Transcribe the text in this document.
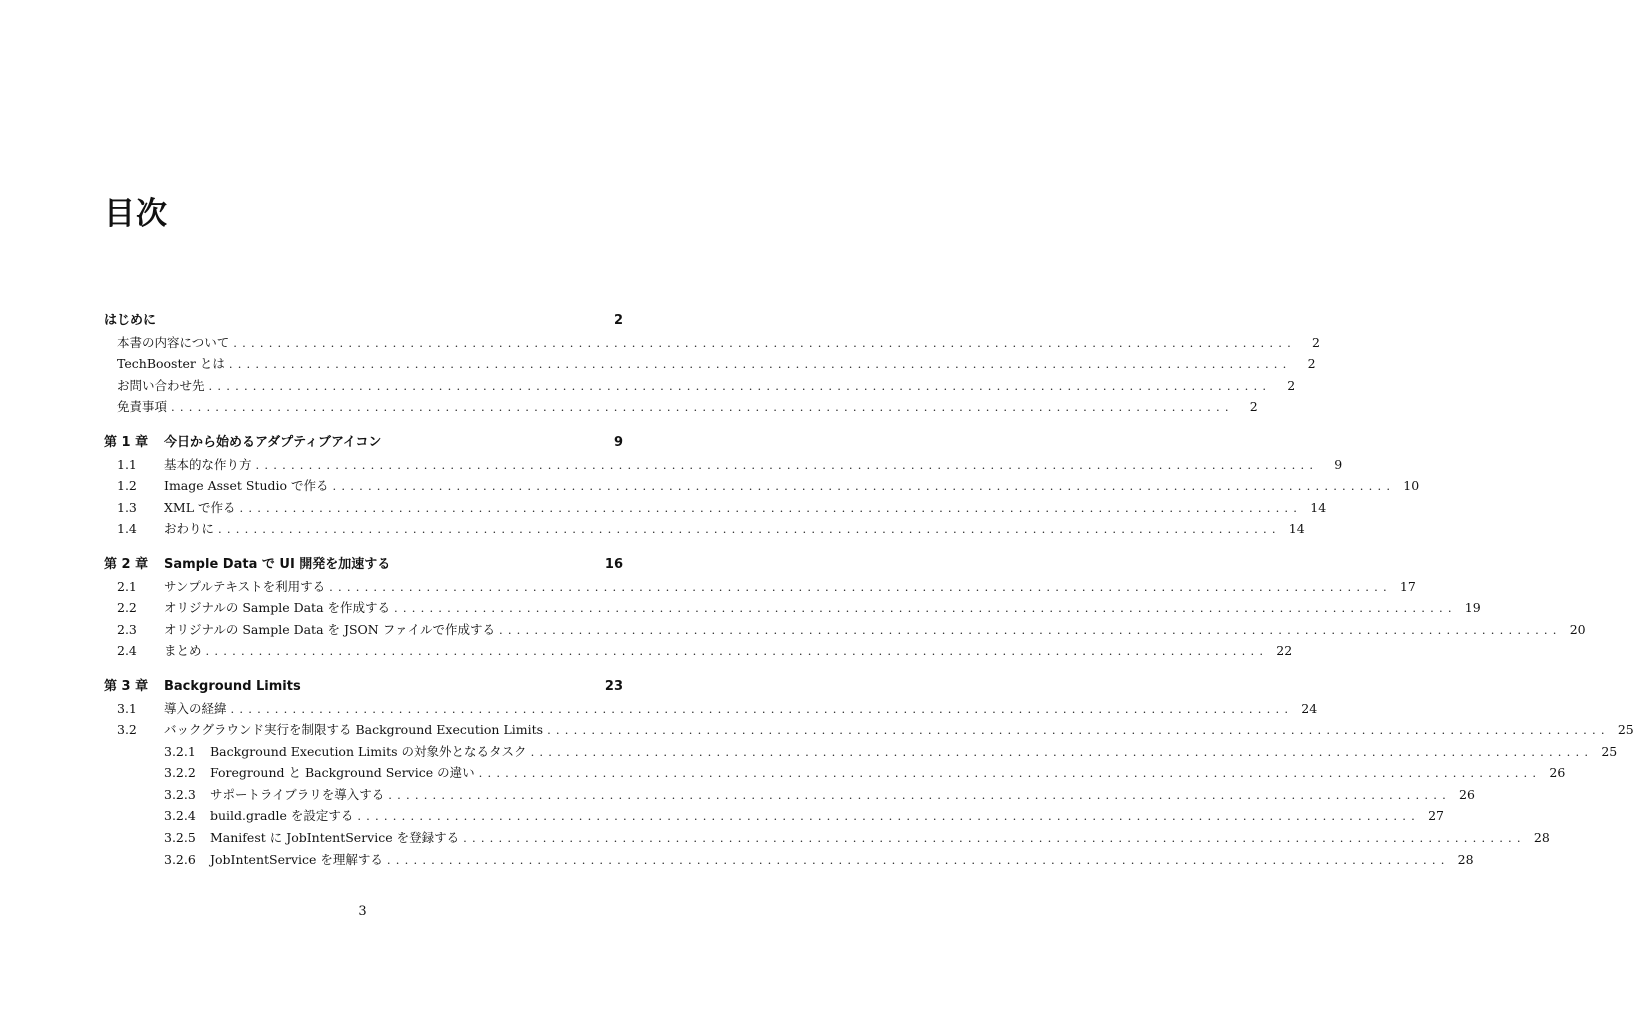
目次
はじめに	2
本書の内容について ........................................................................................................................	2
TechBooster とは ........................................................................................................................	2
お問い合わせ先 ........................................................................................................................	2
免責事項 ........................................................................................................................	2
第 1 章 今日から始めるアダプティブアイコン	9
1.1 基本的な作り方 ........................................................................................................................	9
1.2 Image Asset Studio で作る ........................................................................................................................ 10
1.3 XML で作る ........................................................................................................................ 14
1.4 おわりに ........................................................................................................................ 14
第 2 章 Sample Data で UI 開発を加速する	16
2.1 サンプルテキストを利用する ........................................................................................................................ 17
2.2 オリジナルの Sample Data を作成する ........................................................................................................................ 19
2.3 オリジナルの Sample Data を JSON ファイルで作成する ........................................................................................................................ 20
2.4 まとめ ........................................................................................................................ 22
第 3 章 Background Limits	23
3.1 導入の経緯 ........................................................................................................................ 24
3.2 バックグラウンド実行を制限する Background Execution Limits ........................................................................................................................ 25
3.2.1 Background Execution Limits の対象外となるタスク ........................................................................................................................ 25
3.2.2 Foreground と Background Service の違い ........................................................................................................................ 26
3.2.3 サポートライブラリを導入する ........................................................................................................................ 26
3.2.4 build.gradle を設定する ........................................................................................................................ 27
3.2.5 Manifest に JobIntentService を登録する ........................................................................................................................ 28
3.2.6 JobIntentService を理解する ........................................................................................................................ 28
3
